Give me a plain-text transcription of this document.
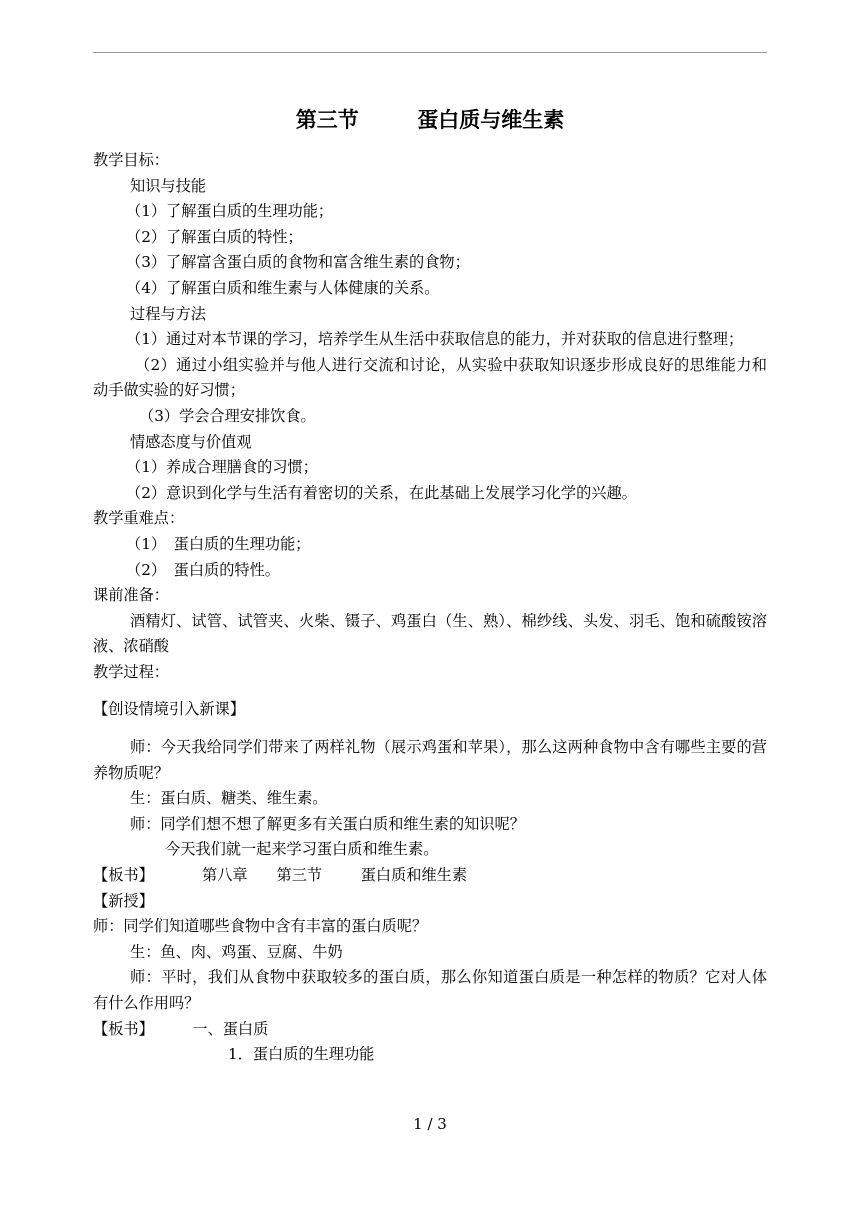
第三节        蛋白质与维生素

教学目标：

知识与技能

（1）了解蛋白质的生理功能；

（2）了解蛋白质的特性；

（3）了解富含蛋白质的食物和富含维生素的食物；

（4）了解蛋白质和维生素与人体健康的关系。

过程与方法

（1）通过对本节课的学习，培养学生从生活中获取信息的能力，并对获取的信息进行整理；

（2）通过小组实验并与他人进行交流和讨论，从实验中获取知识逐步形成良好的思维能力和动手做实验的好习惯；

（3）学会合理安排饮食。

情感态度与价值观

（1）养成合理膳食的习惯；

（2）意识到化学与生活有着密切的关系，在此基础上发展学习化学的兴趣。

教学重难点：

（1）　蛋白质的生理功能；

（2）　蛋白质的特性。

课前准备：

酒精灯、试管、试管夹、火柴、镊子、鸡蛋白（生、熟）、棉纱线、头发、羽毛、饱和硫酸铵溶液、浓硝酸

教学过程：

【创设情境引入新课】

师：今天我给同学们带来了两样礼物（展示鸡蛋和苹果），那么这两种食物中含有哪些主要的营养物质呢？

生：蛋白质、糖类、维生素。

师：同学们想不想了解更多有关蛋白质和维生素的知识呢？

今天我们就一起来学习蛋白质和维生素。

【板书】          第八章      第三节        蛋白质和维生素

【新授】

师：同学们知道哪些食物中含有丰富的蛋白质呢？

生：鱼、肉、鸡蛋、豆腐、牛奶

师：平时，我们从食物中获取较多的蛋白质，那么你知道蛋白质是一种怎样的物质？它对人体有什么作用吗？

【板书】        一、蛋白质

1．蛋白质的生理功能

1 / 3
